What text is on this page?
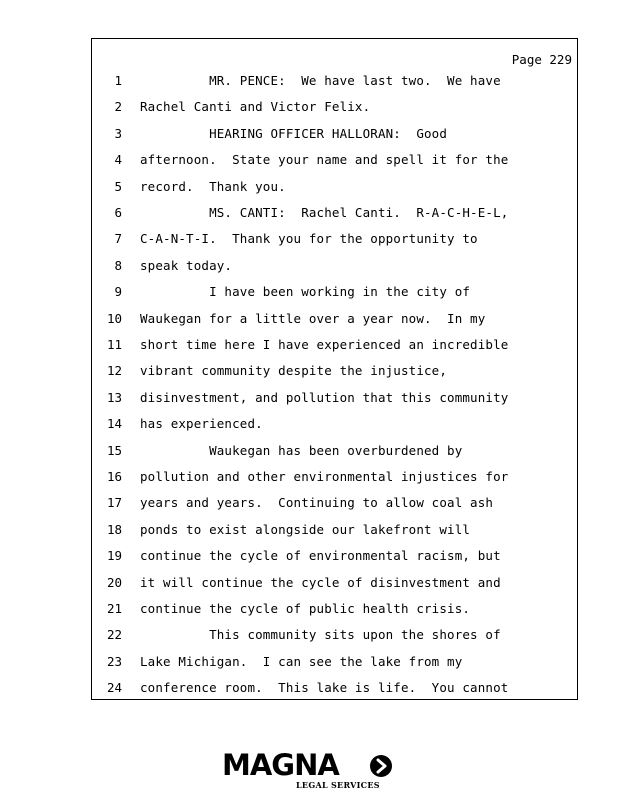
Page 229
1 MR. PENCE:  We have last two.  We have
2 Rachel Canti and Victor Felix.
3 HEARING OFFICER HALLORAN:  Good
4 afternoon.  State your name and spell it for the
5 record.  Thank you.
6 MS. CANTI:  Rachel Canti.  R-A-C-H-E-L,
7 C-A-N-T-I.  Thank you for the opportunity to
8 speak today.
9 I have been working in the city of
10 Waukegan for a little over a year now.  In my
11 short time here I have experienced an incredible
12 vibrant community despite the injustice,
13 disinvestment, and pollution that this community
14 has experienced.
15 Waukegan has been overburdened by
16 pollution and other environmental injustices for
17 years and years.  Continuing to allow coal ash
18 ponds to exist alongside our lakefront will
19 continue the cycle of environmental racism, but
20 it will continue the cycle of disinvestment and
21 continue the cycle of public health crisis.
22 This community sits upon the shores of
23 Lake Michigan.  I can see the lake from my
24 conference room.  This lake is life.  You cannot
MAGNA
LEGAL SERVICES
